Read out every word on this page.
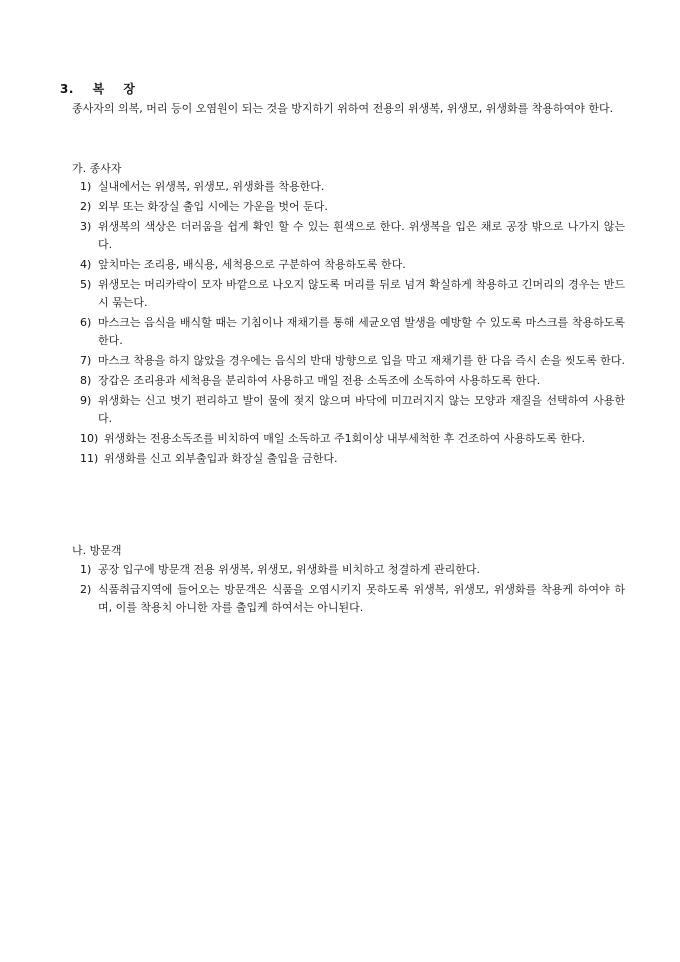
3. 복 장
종사자의 의복, 머리 등이 오염원이 되는 것을 방지하기 위하여 전용의 위생복, 위생모, 위생화를 착용하여야 한다.
가. 종사자
1) 실내에서는 위생복, 위생모, 위생화를 착용한다.
2) 외부 또는 화장실 출입 시에는 가운을 벗어 둔다.
3) 위생복의 색상은 더러움을 쉽게 확인 할 수 있는 흰색으로 한다. 위생복을 입은 채로 공장 밖으로 나가지 않는다.
4) 앞치마는 조리용, 배식용, 세척용으로 구분하여 착용하도록 한다.
5) 위생모는 머리카락이 모자 바깥으로 나오지 않도록 머리를 뒤로 넘겨 확실하게 착용하고 긴머리의 경우는 반드시 묶는다.
6) 마스크는 음식을 배식할 때는 기침이나 재채기를 통해 세균오염 발생을 예방할 수 있도록 마스크를 착용하도록 한다.
7) 마스크 착용을 하지 않았을 경우에는 음식의 반대 방향으로 입을 막고 재채기를 한 다음 즉시 손을 씻도록 한다.
8) 장갑은 조리용과 세척용을 분리하여 사용하고 매일 전용 소독조에 소독하여 사용하도록 한다.
9) 위생화는 신고 벗기 편리하고 발이 물에 젖지 않으며 바닥에 미끄러지지 않는 모양과 재질을 선택하여 사용한다.
10) 위생화는 전용소독조를 비치하여 매일 소독하고 주1회이상 내부세척한 후 건조하여 사용하도록 한다.
11) 위생화를 신고 외부출입과 화장실 출입을 금한다.
나. 방문객
1) 공장 입구에 방문객 전용 위생복, 위생모, 위생화를 비치하고 청결하게 관리한다.
2) 식품취급지역에 들어오는 방문객은 식품을 오염시키지 못하도록 위생복, 위생모, 위생화를 착용케 하여야 하며, 이를 착용치 아니한 자를 출입케 하여서는 아니된다.
